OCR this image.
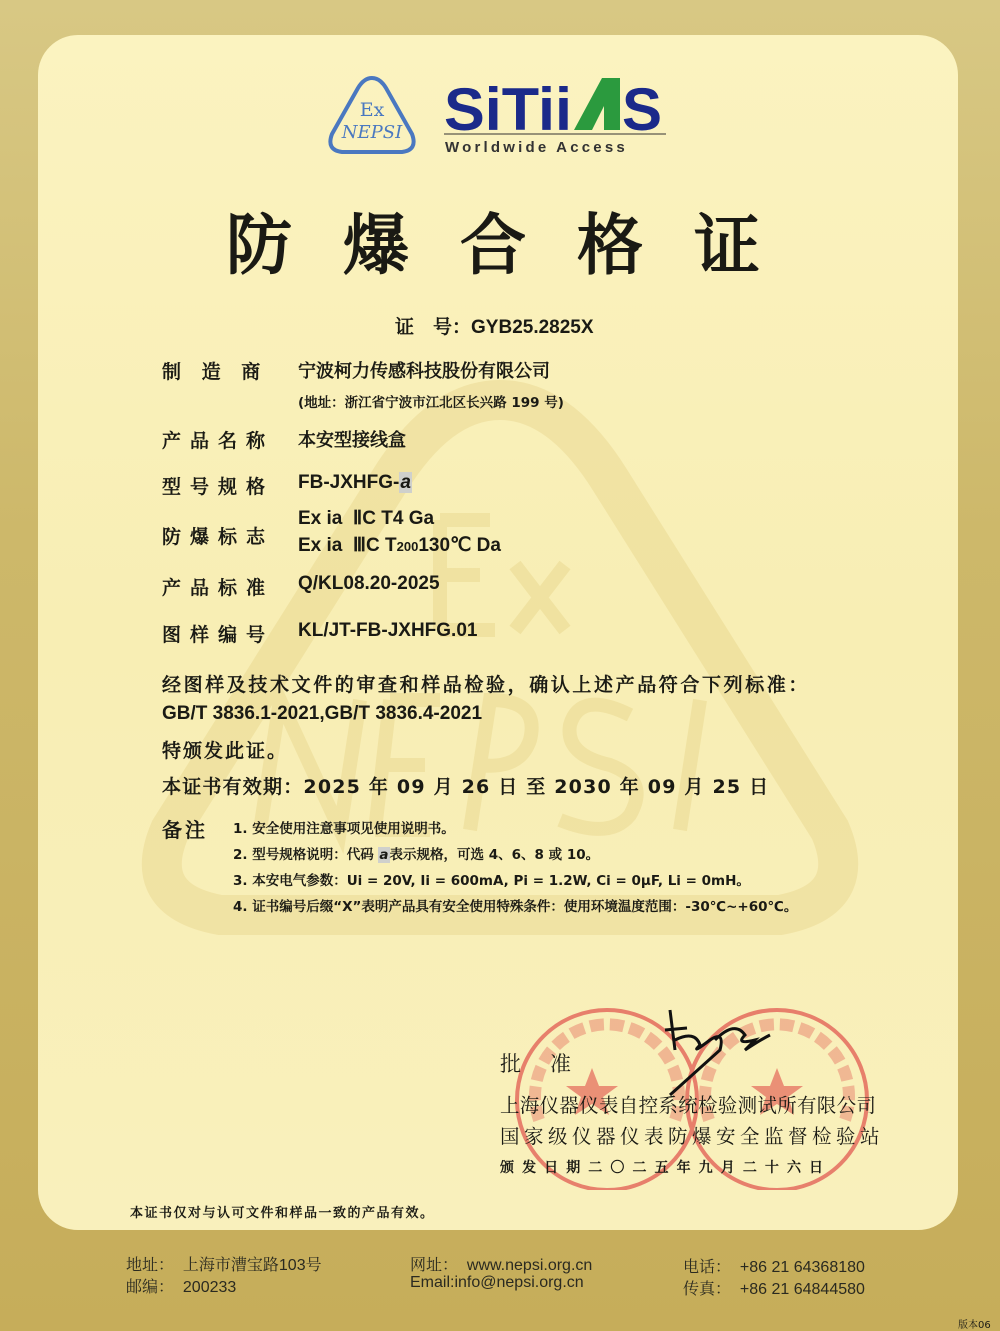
Ex
NEPSI SiTii S
Worldwide Access
防 爆 合 格 证
证　号：GYB25.2825X
制 造 商 宁波柯力传感科技股份有限公司
(地址：浙江省宁波市江北区长兴路 199 号)
产品名称 本安型接线盒
型号规格 FB-JXHFG-a
防爆标志
Ex ia  ⅡC T4 Ga
Ex ia  ⅢC T200130℃ Da
产品标准 Q/KL08.20-2025
图样编号 KL/JT-FB-JXHFG.01
经图样及技术文件的审查和样品检验，确认上述产品符合下列标准：
GB/T 3836.1-2021,GB/T 3836.4-2021
特颁发此证。
本证书有效期：2025 年 09 月 26 日 至 2030 年 09 月 25 日
备注 1. 安全使用注意事项见使用说明书。
2. 型号规格说明：代码 a表示规格，可选 4、6、8 或 10。
3. 本安电气参数：Ui = 20V, Ii = 600mA, Pi = 1.2W, Ci = 0μF, Li = 0mH。
4. 证书编号后缀“X”表明产品具有安全使用特殊条件：使用环境温度范围：-30℃~+60℃。
批　准
上海仪器仪表自控系统检验测试所有限公司
国家级仪器仪表防爆安全监督检验站
颁 发 日 期 二 〇 二 五 年 九 月 二 十 六 日
本证书仅对与认可文件和样品一致的产品有效。
地址：  上海市漕宝路103号
邮编：  200233
网址：  www.nepsi.org.cn
Email:info@nepsi.org.cn
电话：  +86 21 64368180
传真：  +86 21 64844580
版本06
